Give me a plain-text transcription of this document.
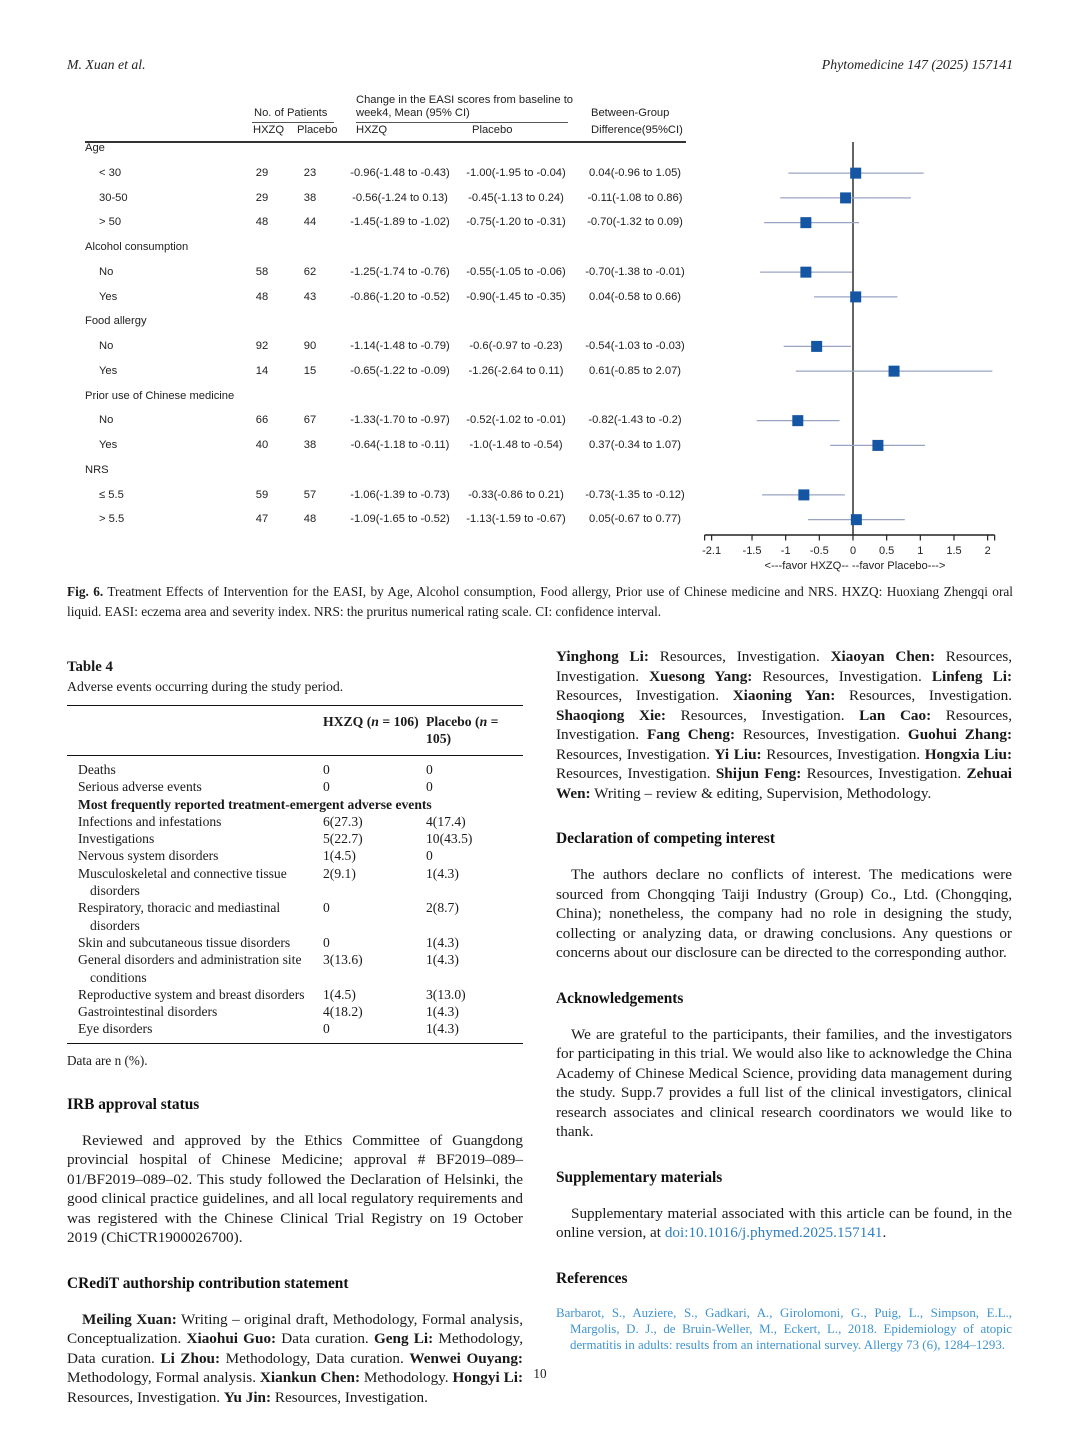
M. Xuan et al.	Phytomedicine 147 (2025) 157141
No. of Patients
Change in the EASI scores from baseline to
week4, Mean (95% CI)	Between-Group
Difference(95%CI)
HXZQ Placebo HXZQ	Placebo
-2.1 -1.5 -1 -0.5 0 0.5 1 1.5 2
<---favor HXZQ-- --favor Placebo--->
Age
< 30	29	23	-0.96(-1.48 to -0.43)	-1.00(-1.95 to -0.04)	0.04(-0.96 to 1.05)
30-50	29	38	-0.56(-1.24 to 0.13)	-0.45(-1.13 to 0.24)	-0.11(-1.08 to 0.86)
> 50	48	44	-1.45(-1.89 to -1.02)	-0.75(-1.20 to -0.31)	-0.70(-1.32 to 0.09)
Alcohol consumption
No	58	62	-1.25(-1.74 to -0.76)	-0.55(-1.05 to -0.06)	-0.70(-1.38 to -0.01)
Yes	48	43	-0.86(-1.20 to -0.52)	-0.90(-1.45 to -0.35)	0.04(-0.58 to 0.66)
Food allergy
No	92	90	-1.14(-1.48 to -0.79)	-0.6(-0.97 to -0.23)	-0.54(-1.03 to -0.03)
Yes	14	15	-0.65(-1.22 to -0.09)	-1.26(-2.64 to 0.11)	0.61(-0.85 to 2.07)
Prior use of Chinese medicine
No	66	67	-1.33(-1.70 to -0.97)	-0.52(-1.02 to -0.01)	-0.82(-1.43 to -0.2)
Yes	40	38	-0.64(-1.18 to -0.11)	-1.0(-1.48 to -0.54)	0.37(-0.34 to 1.07)
NRS
≤ 5.5	59	57	-1.06(-1.39 to -0.73)	-0.33(-0.86 to 0.21)	-0.73(-1.35 to -0.12)
> 5.5	47	48	-1.09(-1.65 to -0.52)	-1.13(-1.59 to -0.67)	0.05(-0.67 to 0.77)

Fig. 6. Treatment Effects of Intervention for the EASI, by Age, Alcohol consumption, Food allergy, Prior use of Chinese medicine and NRS. HXZQ: Huoxiang Zhengqi oral liquid. EASI: eczema area and severity index. NRS: the pruritus numerical rating scale. CI: confidence interval.

Table 4

Adverse events occurring during the study period.

	HXZQ (n = 106)	Placebo (n = 105)
Deaths	0	0
Serious adverse events	0	0
Most frequently reported treatment-emergent adverse events		
Infections and infestations	6(27.3)	4(17.4)
Investigations	5(22.7)	10(43.5)
Nervous system disorders	1(4.5)	0
Musculoskeletal and connective tissue disorders	2(9.1)	1(4.3)
Respiratory, thoracic and mediastinal disorders	0	2(8.7)
Skin and subcutaneous tissue disorders	0	1(4.3)
General disorders and administration site conditions	3(13.6)	1(4.3)
Reproductive system and breast disorders	1(4.5)	3(13.0)
Gastrointestinal disorders	4(18.2)	1(4.3)
Eye disorders	0	1(4.3)

Data are n (%).

IRB approval status

Reviewed and approved by the Ethics Committee of Guangdong provincial hospital of Chinese Medicine; approval # BF2019–089–01/BF2019–089–02. This study followed the Declaration of Helsinki, the good clinical practice guidelines, and all local regulatory requirements and was registered with the Chinese Clinical Trial Registry on 19 October 2019 (ChiCTR1900026700).

CRediT authorship contribution statement

Meiling Xuan: Writing – original draft, Methodology, Formal analysis, Conceptualization. Xiaohui Guo: Data curation. Geng Li: Methodology, Data curation. Li Zhou: Methodology, Data curation. Wenwei Ouyang: Methodology, Formal analysis. Xiankun Chen: Methodology. Hongyi Li: Resources, Investigation. Yu Jin: Resources, Investigation.

Yinghong Li: Resources, Investigation. Xiaoyan Chen: Resources, Investigation. Xuesong Yang: Resources, Investigation. Linfeng Li: Resources, Investigation. Xiaoning Yan: Resources, Investigation. Shaoqiong Xie: Resources, Investigation. Lan Cao: Resources, Investigation. Fang Cheng: Resources, Investigation. Guohui Zhang: Resources, Investigation. Yi Liu: Resources, Investigation. Hongxia Liu: Resources, Investigation. Shijun Feng: Resources, Investigation. Zehuai Wen: Writing – review & editing, Supervision, Methodology.

Declaration of competing interest

The authors declare no conflicts of interest. The medications were sourced from Chongqing Taiji Industry (Group) Co., Ltd. (Chongqing, China); nonetheless, the company had no role in designing the study, collecting or analyzing data, or drawing conclusions. Any questions or concerns about our disclosure can be directed to the corresponding author.

Acknowledgements

We are grateful to the participants, their families, and the investigators for participating in this trial. We would also like to acknowledge the China Academy of Chinese Medical Science, providing data management during the study. Supp.7 provides a full list of the clinical investigators, clinical research associates and clinical research coordinators we would like to thank.

Supplementary materials

Supplementary material associated with this article can be found, in the online version, at doi:10.1016/j.phymed.2025.157141.

References

Barbarot, S., Auziere, S., Gadkari, A., Girolomoni, G., Puig, L., Simpson, E.L., Margolis, D. J., de Bruin-Weller, M., Eckert, L., 2018. Epidemiology of atopic dermatitis in adults: results from an international survey. Allergy 73 (6), 1284–1293.

10
